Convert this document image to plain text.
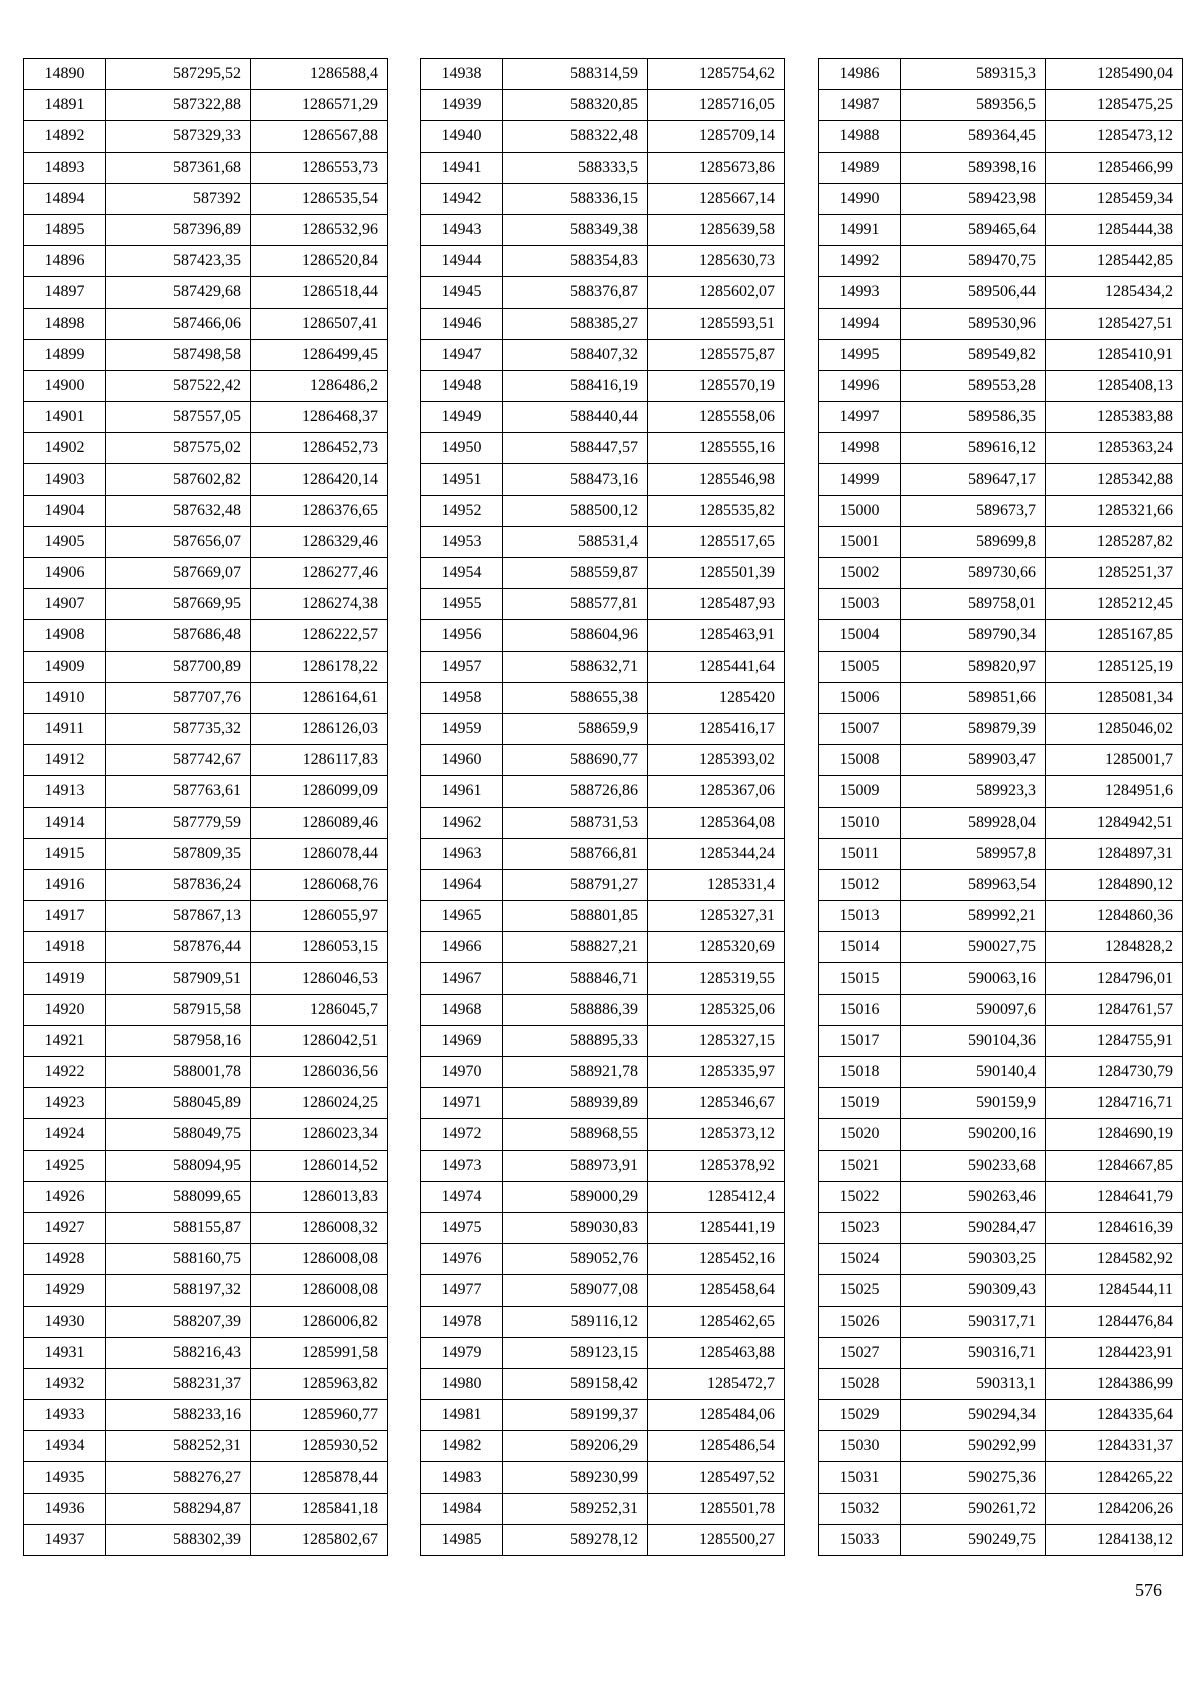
14890	587295,52	1286588,4
14891	587322,88	1286571,29
14892	587329,33	1286567,88
14893	587361,68	1286553,73
14894	587392	1286535,54
14895	587396,89	1286532,96
14896	587423,35	1286520,84
14897	587429,68	1286518,44
14898	587466,06	1286507,41
14899	587498,58	1286499,45
14900	587522,42	1286486,2
14901	587557,05	1286468,37
14902	587575,02	1286452,73
14903	587602,82	1286420,14
14904	587632,48	1286376,65
14905	587656,07	1286329,46
14906	587669,07	1286277,46
14907	587669,95	1286274,38
14908	587686,48	1286222,57
14909	587700,89	1286178,22
14910	587707,76	1286164,61
14911	587735,32	1286126,03
14912	587742,67	1286117,83
14913	587763,61	1286099,09
14914	587779,59	1286089,46
14915	587809,35	1286078,44
14916	587836,24	1286068,76
14917	587867,13	1286055,97
14918	587876,44	1286053,15
14919	587909,51	1286046,53
14920	587915,58	1286045,7
14921	587958,16	1286042,51
14922	588001,78	1286036,56
14923	588045,89	1286024,25
14924	588049,75	1286023,34
14925	588094,95	1286014,52
14926	588099,65	1286013,83
14927	588155,87	1286008,32
14928	588160,75	1286008,08
14929	588197,32	1286008,08
14930	588207,39	1286006,82
14931	588216,43	1285991,58
14932	588231,37	1285963,82
14933	588233,16	1285960,77
14934	588252,31	1285930,52
14935	588276,27	1285878,44
14936	588294,87	1285841,18
14937	588302,39	1285802,67
14938	588314,59	1285754,62
14939	588320,85	1285716,05
14940	588322,48	1285709,14
14941	588333,5	1285673,86
14942	588336,15	1285667,14
14943	588349,38	1285639,58
14944	588354,83	1285630,73
14945	588376,87	1285602,07
14946	588385,27	1285593,51
14947	588407,32	1285575,87
14948	588416,19	1285570,19
14949	588440,44	1285558,06
14950	588447,57	1285555,16
14951	588473,16	1285546,98
14952	588500,12	1285535,82
14953	588531,4	1285517,65
14954	588559,87	1285501,39
14955	588577,81	1285487,93
14956	588604,96	1285463,91
14957	588632,71	1285441,64
14958	588655,38	1285420
14959	588659,9	1285416,17
14960	588690,77	1285393,02
14961	588726,86	1285367,06
14962	588731,53	1285364,08
14963	588766,81	1285344,24
14964	588791,27	1285331,4
14965	588801,85	1285327,31
14966	588827,21	1285320,69
14967	588846,71	1285319,55
14968	588886,39	1285325,06
14969	588895,33	1285327,15
14970	588921,78	1285335,97
14971	588939,89	1285346,67
14972	588968,55	1285373,12
14973	588973,91	1285378,92
14974	589000,29	1285412,4
14975	589030,83	1285441,19
14976	589052,76	1285452,16
14977	589077,08	1285458,64
14978	589116,12	1285462,65
14979	589123,15	1285463,88
14980	589158,42	1285472,7
14981	589199,37	1285484,06
14982	589206,29	1285486,54
14983	589230,99	1285497,52
14984	589252,31	1285501,78
14985	589278,12	1285500,27
14986	589315,3	1285490,04
14987	589356,5	1285475,25
14988	589364,45	1285473,12
14989	589398,16	1285466,99
14990	589423,98	1285459,34
14991	589465,64	1285444,38
14992	589470,75	1285442,85
14993	589506,44	1285434,2
14994	589530,96	1285427,51
14995	589549,82	1285410,91
14996	589553,28	1285408,13
14997	589586,35	1285383,88
14998	589616,12	1285363,24
14999	589647,17	1285342,88
15000	589673,7	1285321,66
15001	589699,8	1285287,82
15002	589730,66	1285251,37
15003	589758,01	1285212,45
15004	589790,34	1285167,85
15005	589820,97	1285125,19
15006	589851,66	1285081,34
15007	589879,39	1285046,02
15008	589903,47	1285001,7
15009	589923,3	1284951,6
15010	589928,04	1284942,51
15011	589957,8	1284897,31
15012	589963,54	1284890,12
15013	589992,21	1284860,36
15014	590027,75	1284828,2
15015	590063,16	1284796,01
15016	590097,6	1284761,57
15017	590104,36	1284755,91
15018	590140,4	1284730,79
15019	590159,9	1284716,71
15020	590200,16	1284690,19
15021	590233,68	1284667,85
15022	590263,46	1284641,79
15023	590284,47	1284616,39
15024	590303,25	1284582,92
15025	590309,43	1284544,11
15026	590317,71	1284476,84
15027	590316,71	1284423,91
15028	590313,1	1284386,99
15029	590294,34	1284335,64
15030	590292,99	1284331,37
15031	590275,36	1284265,22
15032	590261,72	1284206,26
15033	590249,75	1284138,12
576
